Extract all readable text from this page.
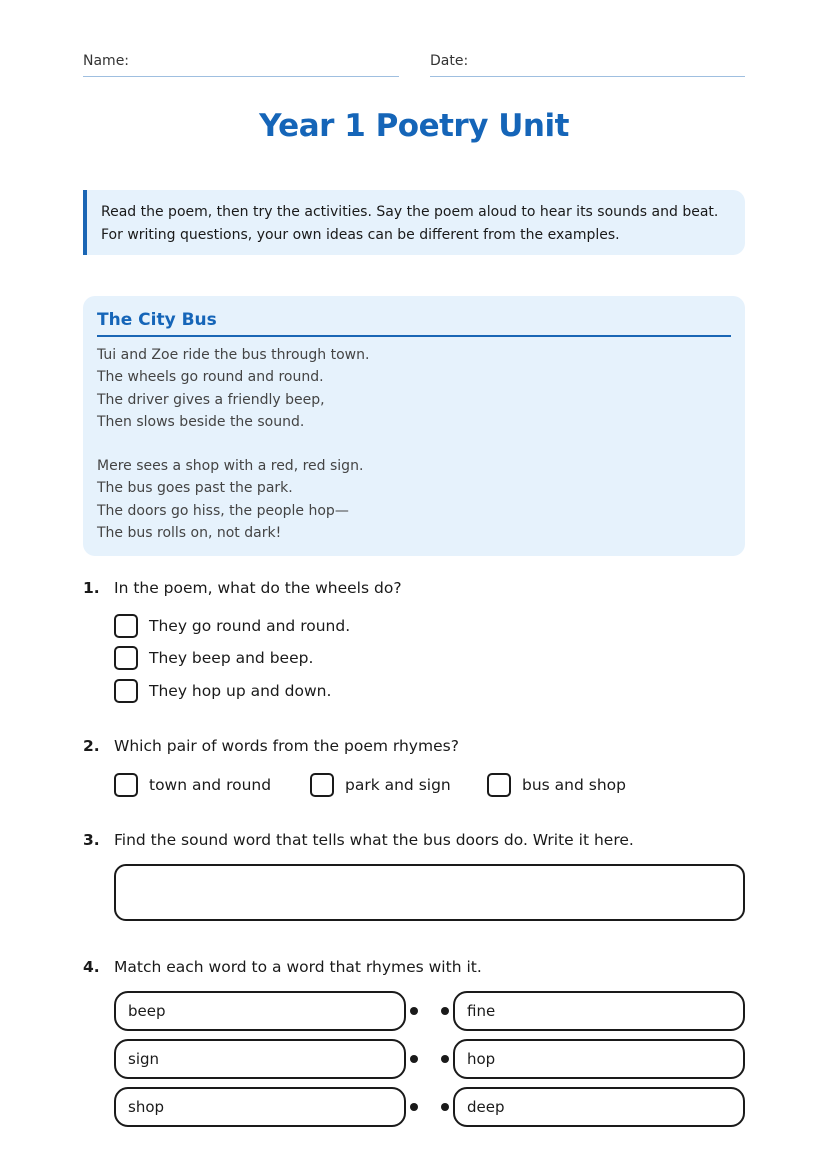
Name:	Date:
Year 1 Poetry Unit
Read the poem, then try the activities. Say the poem aloud to hear its sounds and beat.
For writing questions, your own ideas can be different from the examples.
The City Bus
Tui and Zoe ride the bus through town.
The wheels go round and round.
The driver gives a friendly beep,
Then slows beside the sound.
Mere sees a shop with a red, red sign.
The bus goes past the park.
The doors go hiss, the people hop—
The bus rolls on, not dark!
1. In the poem, what do the wheels do?
They go round and round.
They beep and beep.
They hop up and down.
2. Which pair of words from the poem rhymes?
town and round	park and sign	bus and shop
3. Find the sound word that tells what the bus doors do. Write it here.
4. Match each word to a word that rhymes with it.
beep	fine
sign	hop
shop	deep
